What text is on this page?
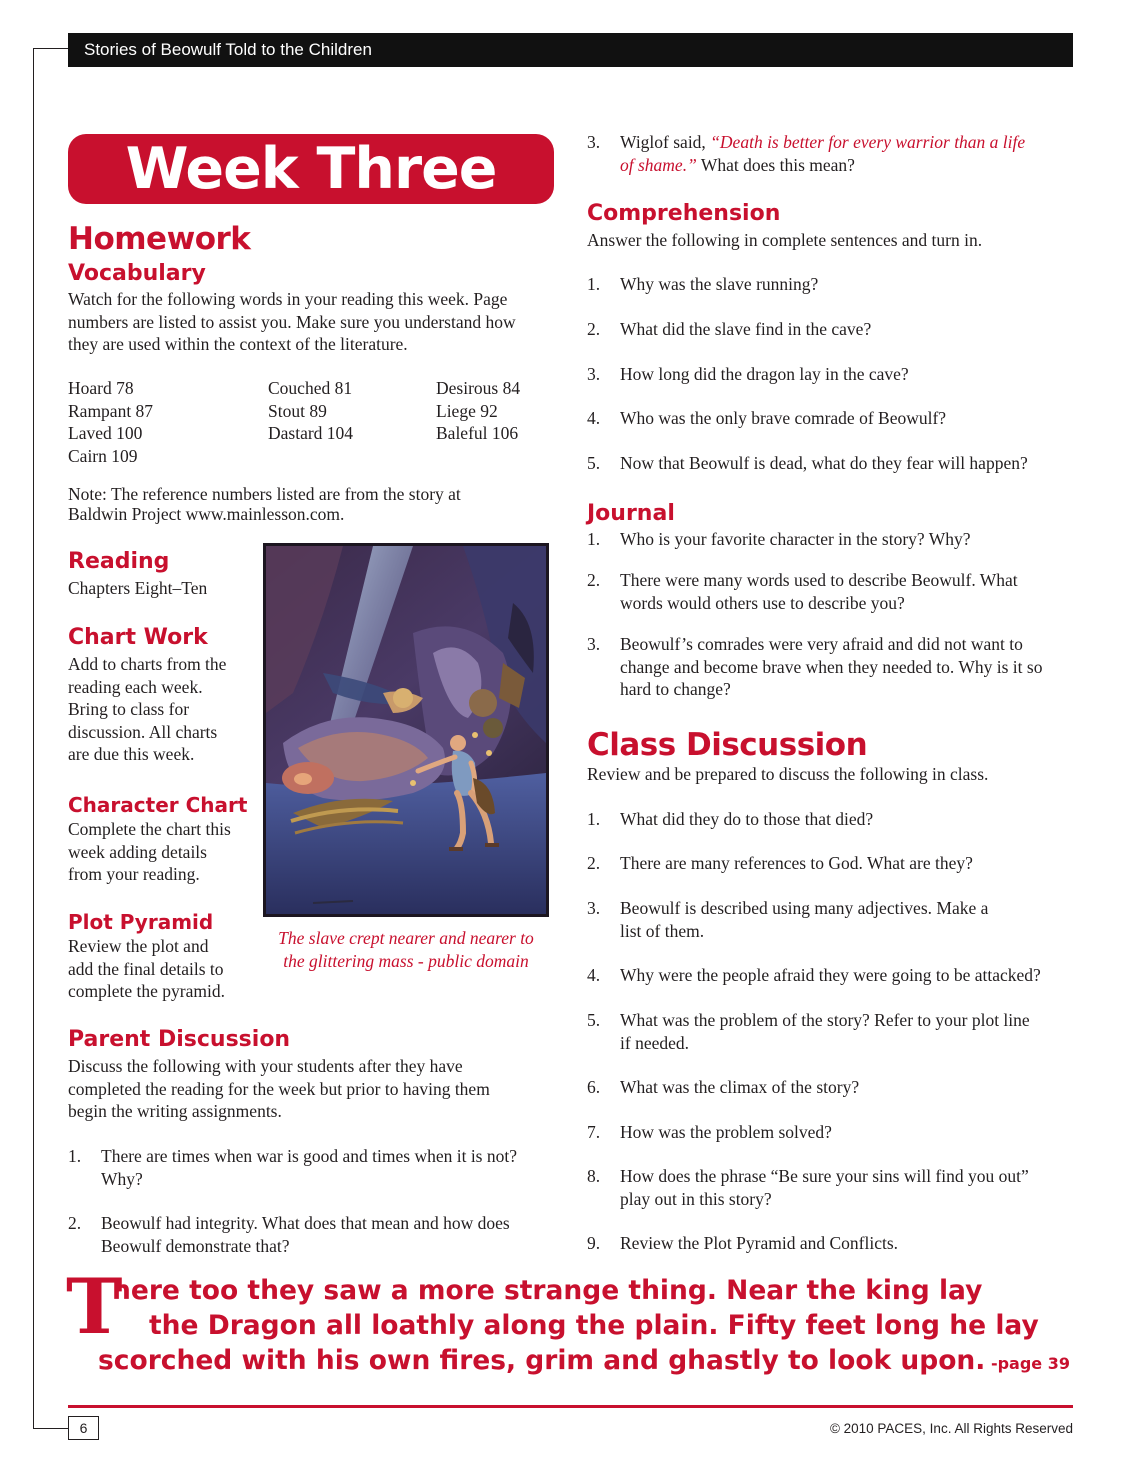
Stories of Beowulf Told to the Children
Week Three
Homework
Vocabulary
Watch for the following words in your reading this week. Page
numbers are listed to assist you. Make sure you understand how
they are used within the context of the literature.
Hoard 78
Rampant 87
Laved 100
Cairn 109
Couched 81
Stout 89
Dastard 104
Desirous 84
Liege 92
Baleful 106
Note: The reference numbers listed are from the story at
Baldwin Project www.mainlesson.com.
Reading
Chapters Eight–Ten
Chart Work
Add to charts from the
reading each week.
Bring to class for
discussion. All charts
are due this week.
Character Chart
Complete the chart this
week adding details
from your reading.
Plot Pyramid
Review the plot and
add the final details to
complete the pyramid.
The slave crept nearer and nearer to
the glittering mass - public domain
Parent Discussion
Discuss the following with your students after they have
completed the reading for the week but prior to having them
begin the writing assignments.
1. There are times when war is good and times when it is not?
Why?
2. Beowulf had integrity. What does that mean and how does
Beowulf demonstrate that?
3. Wiglof said, “Death is better for every warrior than a life
of shame.” What does this mean?
Comprehension
Answer the following in complete sentences and turn in.
1. Why was the slave running?
2. What did the slave find in the cave?
3. How long did the dragon lay in the cave?
4. Who was the only brave comrade of Beowulf?
5. Now that Beowulf is dead, what do they fear will happen?
Journal
1. Who is your favorite character in the story? Why?
2. There were many words used to describe Beowulf. What
words would others use to describe you?
3. Beowulf’s comrades were very afraid and did not want to
change and become brave when they needed to. Why is it so
hard to change?
Class Discussion
Review and be prepared to discuss the following in class.
1. What did they do to those that died?
2. There are many references to God. What are they?
3. Beowulf is described using many adjectives. Make a
list of them.
4. Why were the people afraid they were going to be attacked?
5. What was the problem of the story? Refer to your plot line
if needed.
6. What was the climax of the story?
7. How was the problem solved?
8. How does the phrase “Be sure your sins will find you out”
play out in this story?
9. Review the Plot Pyramid and Conflicts.
T
here too they saw a more strange thing. Near the king lay
the Dragon all loathly along the plain. Fifty feet long he lay
scorched with his own fires, grim and ghastly to look upon. -page 39
6	© 2010 PACES, Inc. All Rights Reserved
